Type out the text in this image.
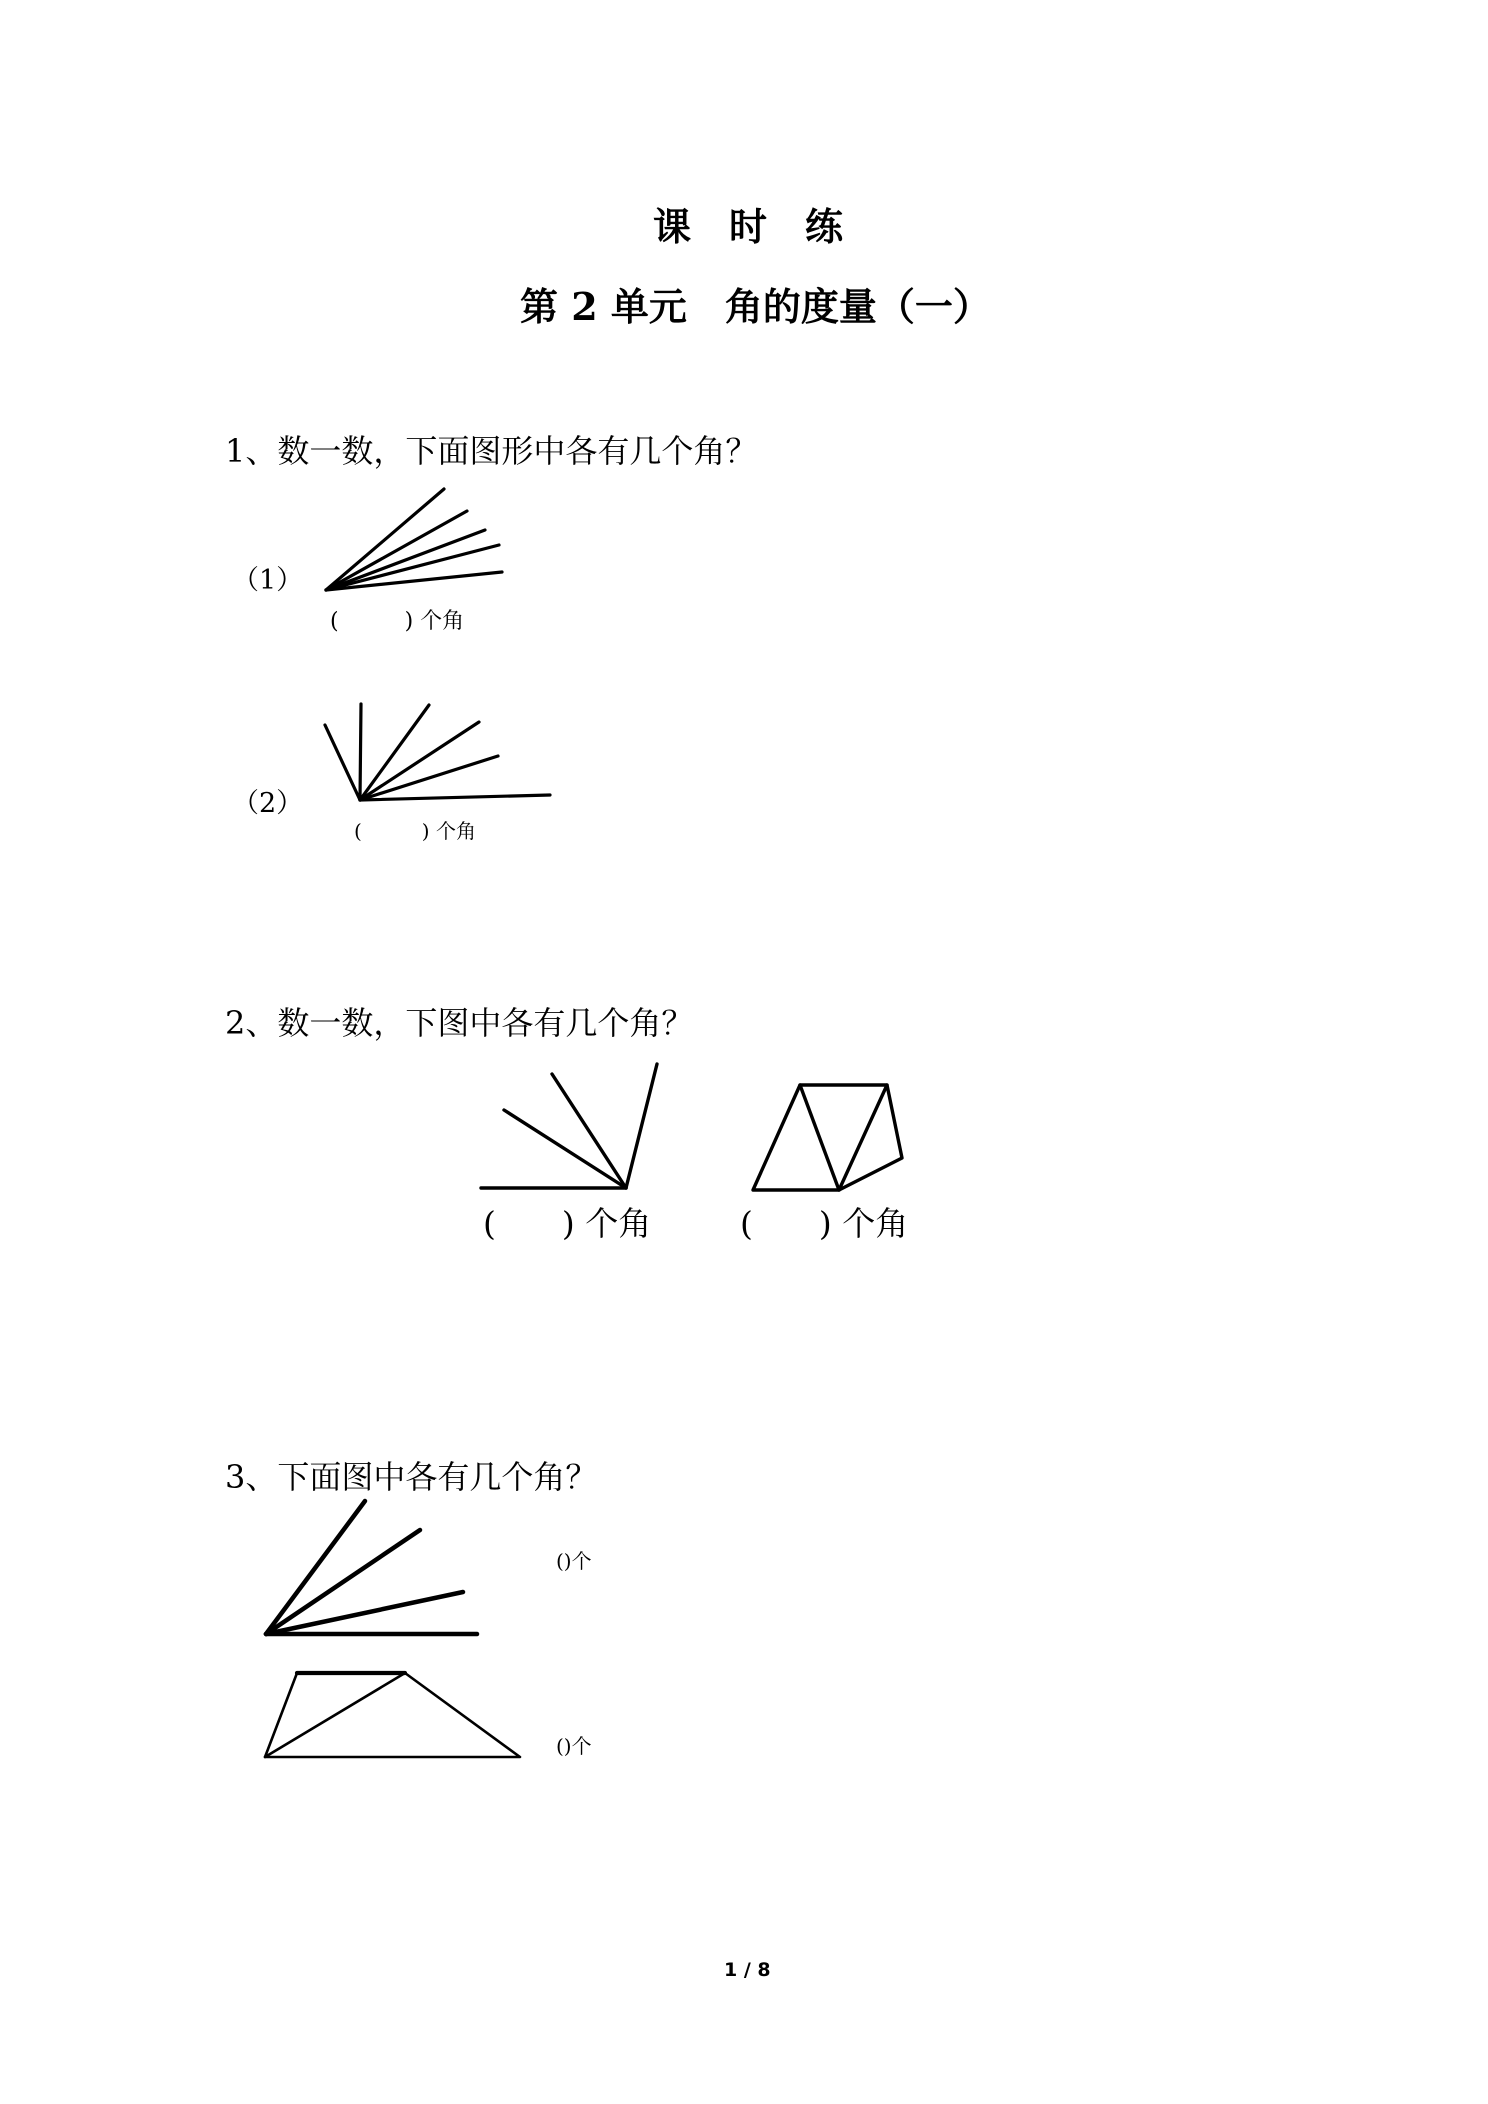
课　时　练
第 2 单元　角的度量（一）
1、数一数，下面图形中各有几个角？
（1）
(　　　) 个角
（2）
(　　　) 个角
2、数一数，下图中各有几个角？
(　　) 个角	(　　) 个角
3、下面图中各有几个角？
()个
()个
1 / 8
